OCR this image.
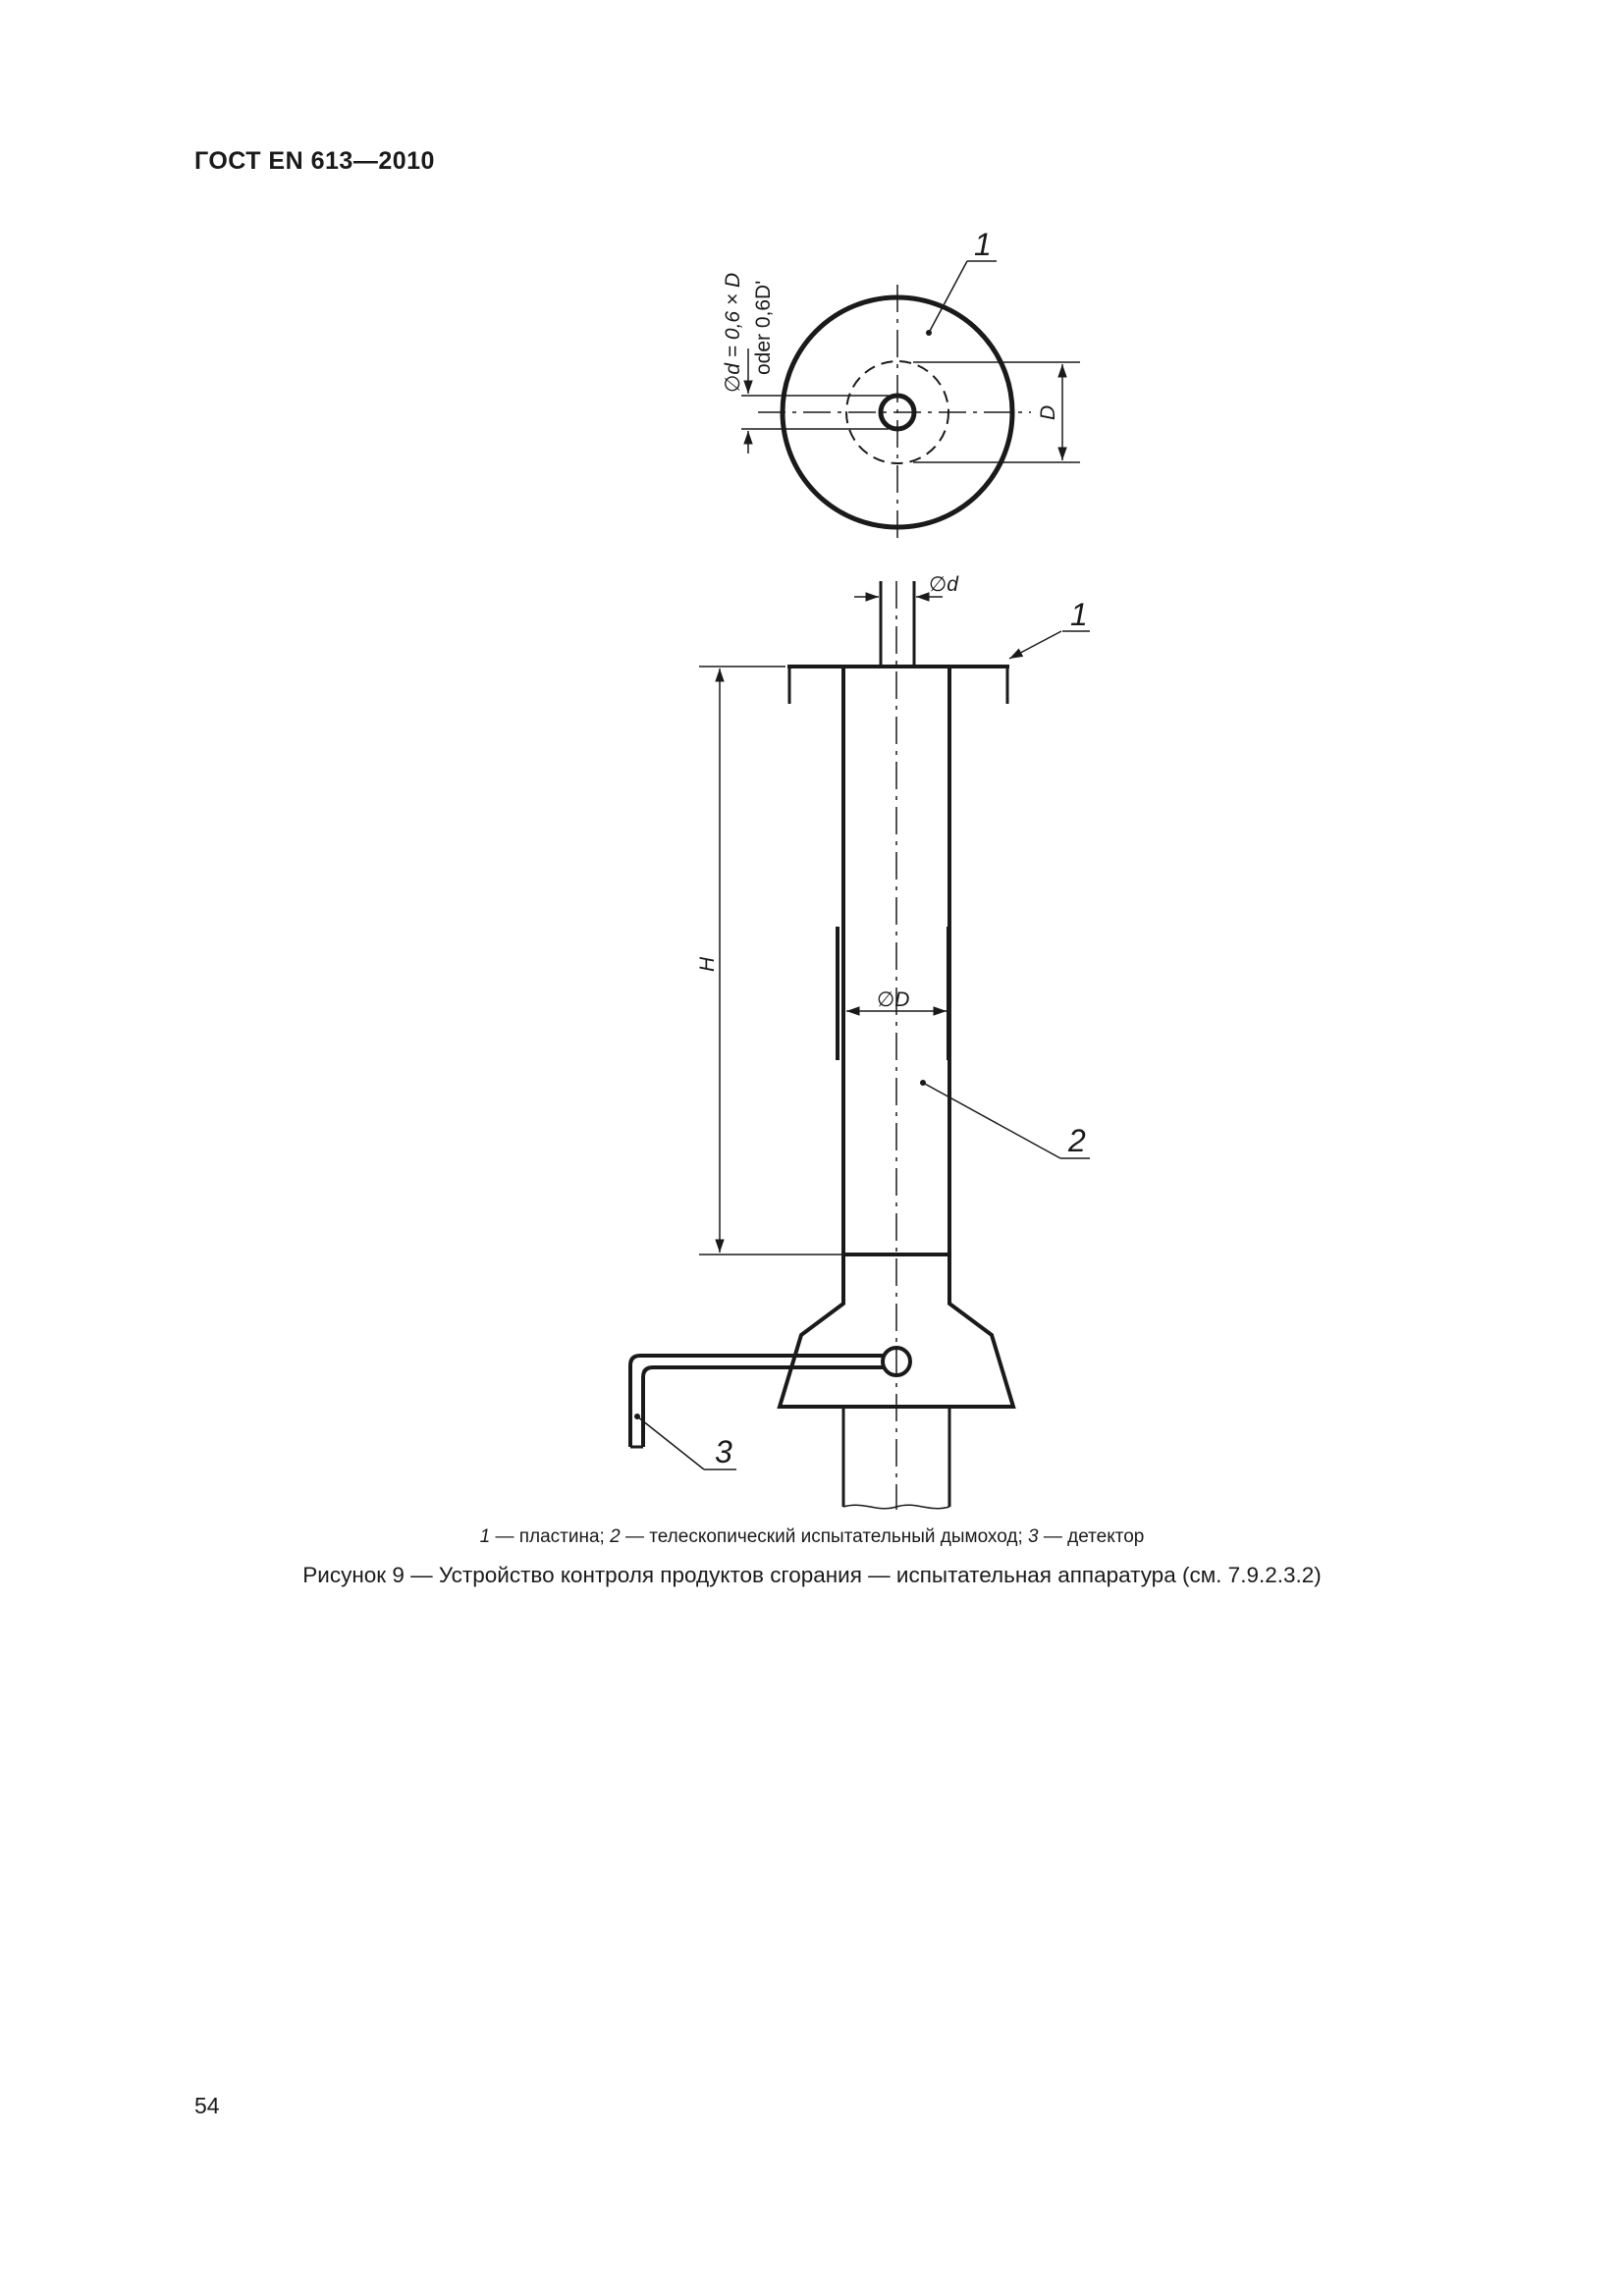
ГОСТ EN 613—2010
1
D
∅d = 0,6 × D oder 0,6D'
∅d
1
∅D
H
2
3
1 — пластина; 2 — телескопический испытательный дымоход; 3 — детектор
Рисунок 9 — Устройство контроля продуктов сгорания — испытательная аппаратура (см. 7.9.2.3.2)
54
